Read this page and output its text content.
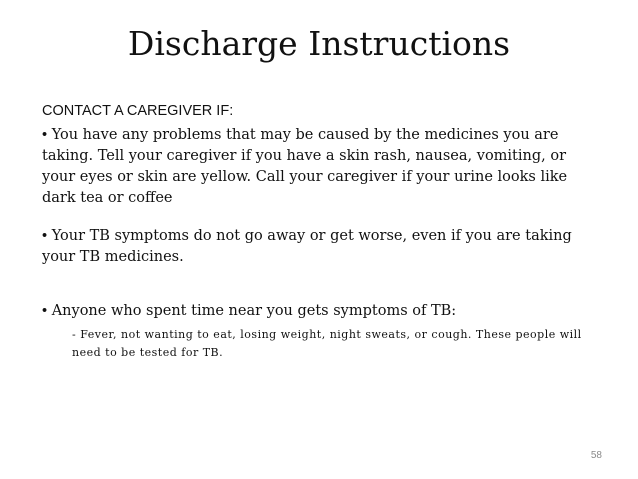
Discharge Instructions

CONTACT A CAREGIVER IF:

• You have any problems that may be caused by the medicines you are taking. Tell your caregiver if you have a skin rash, nausea, vomiting, or your eyes or skin are yellow. Call your caregiver if your urine looks like dark tea or coffee

• Your TB symptoms do not go away or get worse, even if you are taking your TB medicines.

• Anyone who spent time near you gets symptoms of TB:

- Fever, not wanting to eat, losing weight, night sweats, or cough. These people will need to be tested for TB.

58
